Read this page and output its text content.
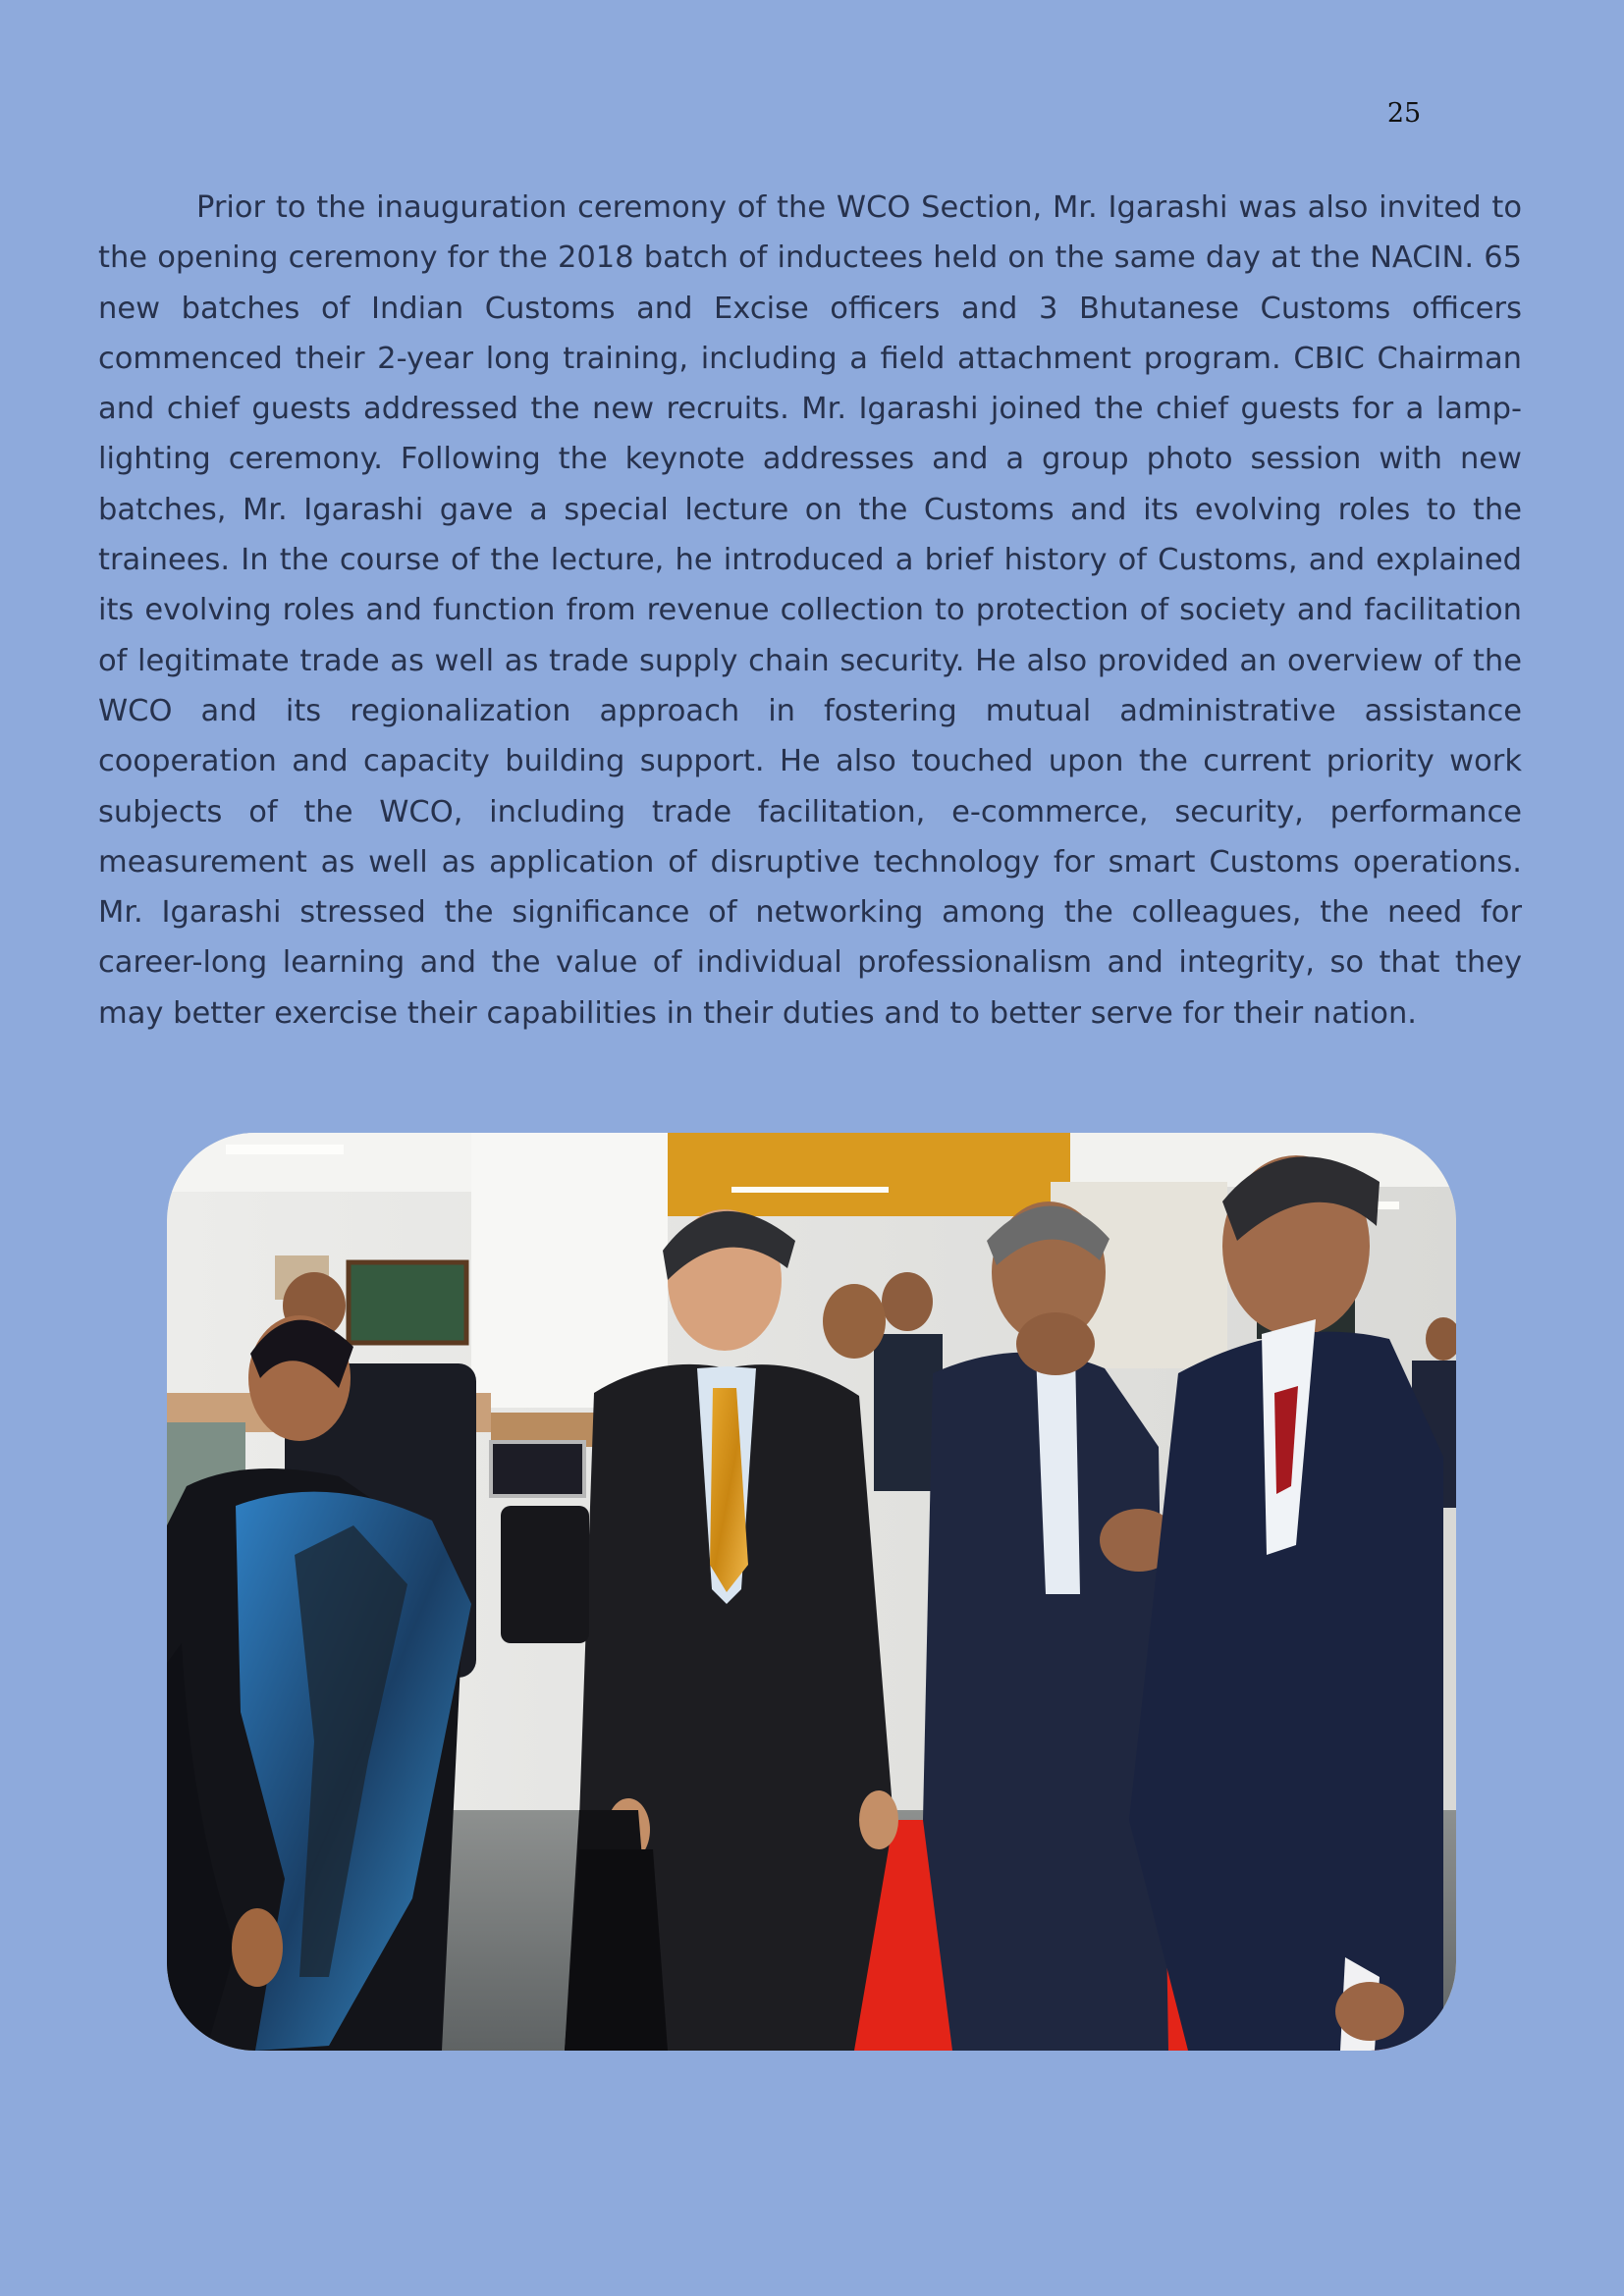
25

Prior to the inauguration ceremony of the WCO Section, Mr. Igarashi was also invited to the opening ceremony for the 2018 batch of inductees held on the same day at the NACIN. 65 new batches of Indian Customs and Excise officers and 3 Bhutanese Customs officers commenced their 2-year long training, including a field attachment program. CBIC Chairman and chief guests addressed the new recruits. Mr. Igarashi joined the chief guests for a lamp-lighting ceremony. Following the keynote addresses and a group photo session with new batches, Mr. Igarashi gave a special lecture on the Customs and its evolving roles to the trainees. In the course of the lecture, he introduced a brief history of Customs, and explained its evolving roles and function from revenue collection to protection of society and facilitation of legitimate trade as well as trade supply chain security. He also provided an overview of the WCO and its regionalization approach in fostering mutual administrative assistance cooperation and capacity building support. He also touched upon the current priority work subjects of the WCO, including trade facilitation, e-commerce, security, performance measurement as well as application of disruptive technology for smart Customs operations. Mr. Igarashi stressed the significance of networking among the colleagues, the need for career-long learning and the value of individual professionalism and integrity, so that they may better exercise their capabilities in their duties and to better serve for their nation.
